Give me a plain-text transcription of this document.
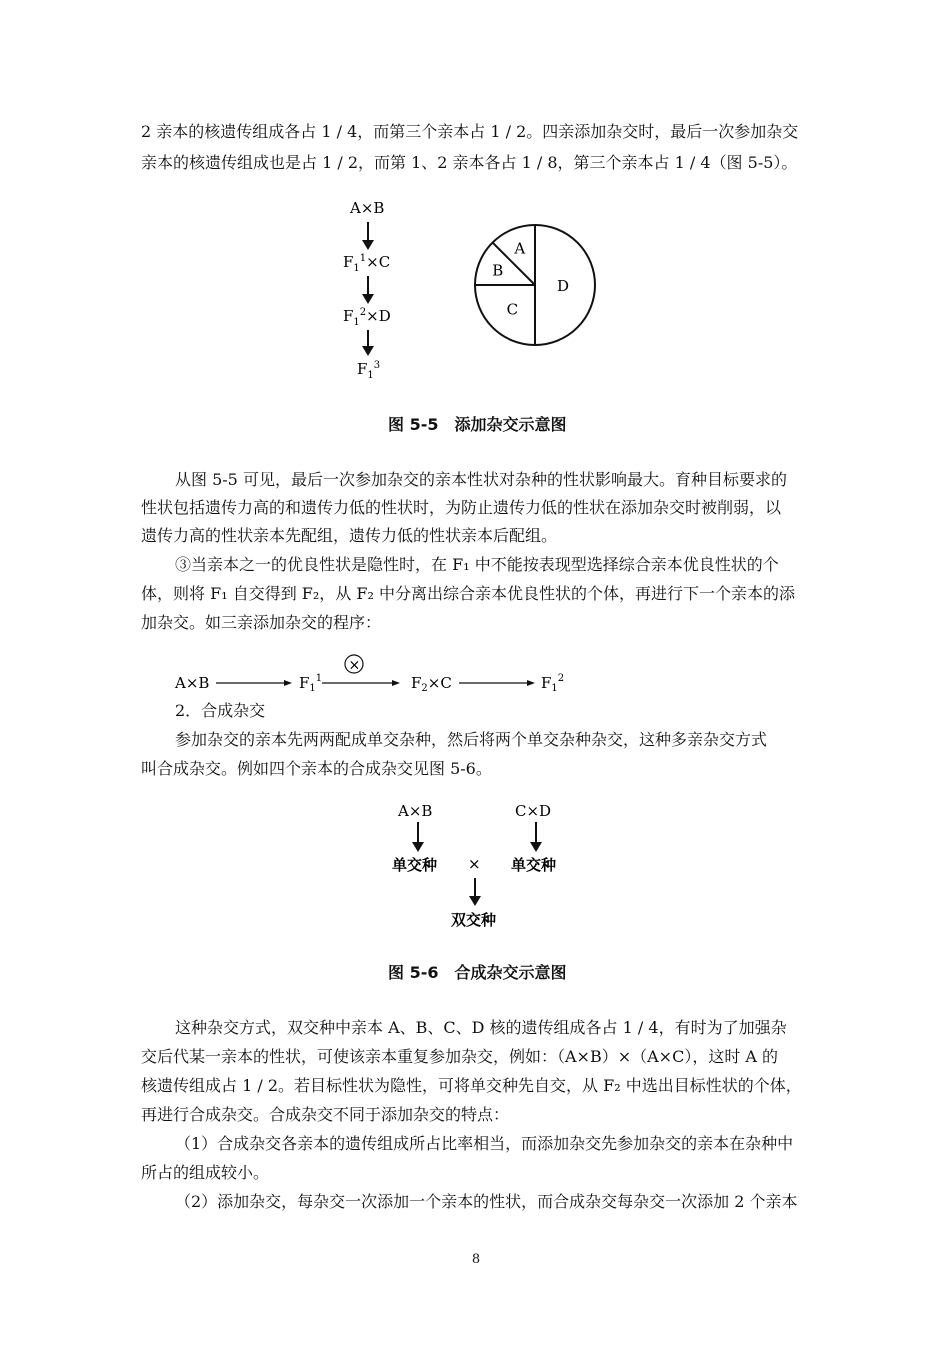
2 亲本的核遗传组成各占 1 / 4，而第三个亲本占 1 / 2。四亲添加杂交时，最后一次参加杂交
亲本的核遗传组成也是占 1 / 2，而第 1、2 亲本各占 1 / 8，第三个亲本占 1 / 4（图 5-5）。
A×B
$F_1^1\times C$
$F_1^2\times D$
$F_1^3$
D
C
B
A
图 5-5　添加杂交示意图
从图 5-5 可见，最后一次参加杂交的亲本性状对杂种的性状影响最大。育种目标要求的
性状包括遗传力高的和遗传力低的性状时，为防止遗传力低的性状在添加杂交时被削弱，以
遗传力高的性状亲本先配组，遗传力低的性状亲本后配组。
③当亲本之一的优良性状是隐性时，在 F₁ 中不能按表现型选择综合亲本优良性状的个
体，则将 F₁ 自交得到 F₂，从 F₂ 中分离出综合亲本优良性状的个体，再进行下一个亲本的添
加杂交。如三亲添加杂交的程序：
A×B	$F_1^1$
×
$F_2\times C$	$F_1^2$
2．合成杂交
参加杂交的亲本先两两配成单交杂种，然后将两个单交杂种杂交，这种多亲杂交方式
叫合成杂交。例如四个亲本的合成杂交见图 5-6。
A×B	C×D
单交种 × 单交种
双交种
图 5-6　合成杂交示意图
这种杂交方式，双交种中亲本 A、B、C、D 核的遗传组成各占 1 / 4，有时为了加强杂
交后代某一亲本的性状，可使该亲本重复参加杂交，例如：（A×B）×（A×C），这时 A 的
核遗传组成占 1 / 2。若目标性状为隐性，可将单交种先自交，从 F₂ 中选出目标性状的个体，
再进行合成杂交。合成杂交不同于添加杂交的特点：
（1）合成杂交各亲本的遗传组成所占比率相当，而添加杂交先参加杂交的亲本在杂种中
所占的组成较小。
（2）添加杂交，每杂交一次添加一个亲本的性状，而合成杂交每杂交一次添加 2 个亲本
8
